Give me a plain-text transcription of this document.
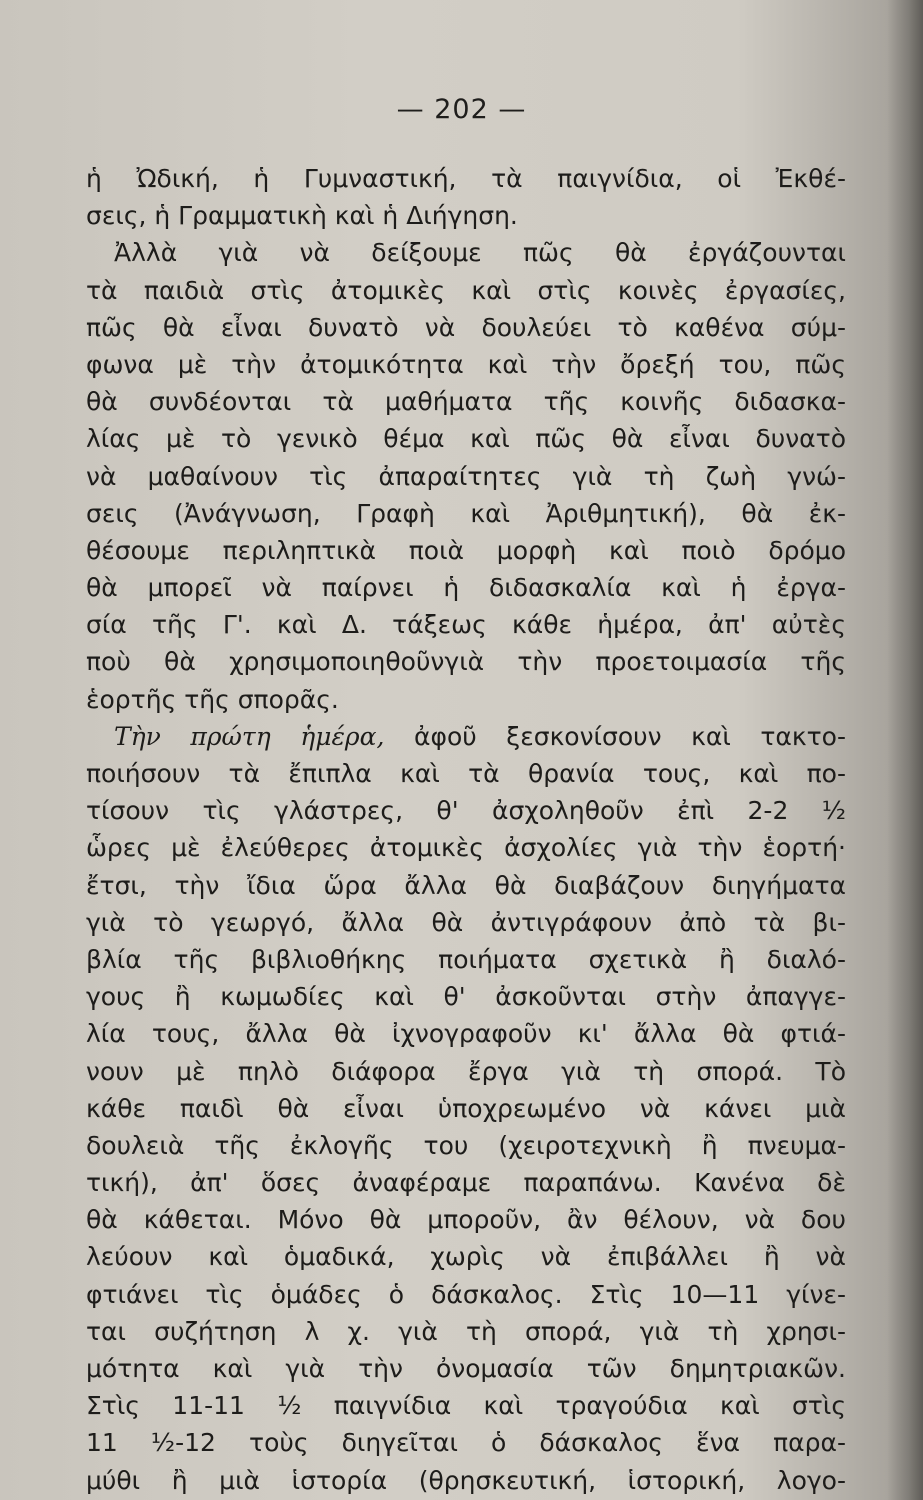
— 202 —
ἡ Ὠδική, ἡ Γυμναστική, τὰ παιγνίδια, οἱ Ἐκθέ-
σεις, ἡ Γραμματικὴ καὶ ἡ Διήγηση.
Ἀλλὰ γιὰ νὰ δείξουμε πῶς θὰ ἐργάζουνται
τὰ παιδιὰ στὶς ἀτομικὲς καὶ στὶς κοινὲς ἐργασίες,
πῶς θὰ εἶναι δυνατὸ νὰ δουλεύει τὸ καθένα σύμ-
φωνα μὲ τὴν ἀτομικότητα καὶ τὴν ὄρεξή του, πῶς
θὰ συνδέονται τὰ μαθήματα τῆς κοινῆς διδασκα-
λίας μὲ τὸ γενικὸ θέμα καὶ πῶς θὰ εἶναι δυνατὸ
νὰ μαθαίνουν τὶς ἀπαραίτητες γιὰ τὴ ζωὴ γνώ-
σεις (Ἀνάγνωση, Γραφὴ καὶ Ἀριθμητική), θὰ ἐκ-
θέσουμε περιληπτικὰ ποιὰ μορφὴ καὶ ποιὸ δρόμο
θὰ μπορεῖ νὰ παίρνει ἡ διδασκαλία καὶ ἡ ἐργα-
σία τῆς Γ'. καὶ Δ. τάξεως κάθε ἡμέρα, ἀπ' αὐτὲς
ποὺ θὰ χρησιμοποιηθοῦνγιὰ τὴν προετοιμασία τῆς
ἑορτῆς τῆς σπορᾶς.
Τὴν πρώτη ἡμέρα, ἀφοῦ ξεσκονίσουν καὶ τακτο-
ποιήσουν τὰ ἔπιπλα καὶ τὰ θρανία τους, καὶ πο-
τίσουν τὶς γλάστρες, θ' ἀσχοληθοῦν ἐπὶ 2-2 ½
ὧρες μὲ ἐλεύθερες ἀτομικὲς ἀσχολίες γιὰ τὴν ἑορτή·
ἔτσι, τὴν ἴδια ὥρα ἄλλα θὰ διαβάζουν διηγήματα
γιὰ τὸ γεωργό, ἄλλα θὰ ἀντιγράφουν ἀπὸ τὰ βι-
βλία τῆς βιβλιοθήκης ποιήματα σχετικὰ ἢ διαλό-
γους ἢ κωμωδίες καὶ θ' ἀσκοῦνται στὴν ἀπαγγε-
λία τους, ἄλλα θὰ ἰχνογραφοῦν κι' ἄλλα θὰ φτιά-
νουν μὲ πηλὸ διάφορα ἔργα γιὰ τὴ σπορά. Τὸ
κάθε παιδὶ θὰ εἶναι ὑποχρεωμένο νὰ κάνει μιὰ
δουλειὰ τῆς ἐκλογῆς του (χειροτεχνικὴ ἢ πνευμα-
τική), ἀπ' ὅσες ἀναφέραμε παραπάνω. Κανένα δὲ
θὰ κάθεται. Μόνο θὰ μποροῦν, ἂν θέλουν, νὰ δου
λεύουν καὶ ὁμαδικά, χωρὶς νὰ ἐπιβάλλει ἢ νὰ
φτιάνει τὶς ὁμάδες ὁ δάσκαλος. Στὶς 10—11 γίνε-
ται συζήτηση λ χ. γιὰ τὴ σπορά, γιὰ τὴ χρησι-
μότητα καὶ γιὰ τὴν ὀνομασία τῶν δημητριακῶν.
Στὶς 11-11 ½ παιγνίδια καὶ τραγούδια καὶ στὶς
11 ½-12 τοὺς διηγεῖται ὁ δάσκαλος ἕνα παρα-
μύθι ἢ μιὰ ἱστορία (θρησκευτική, ἱστορική, λογο-
